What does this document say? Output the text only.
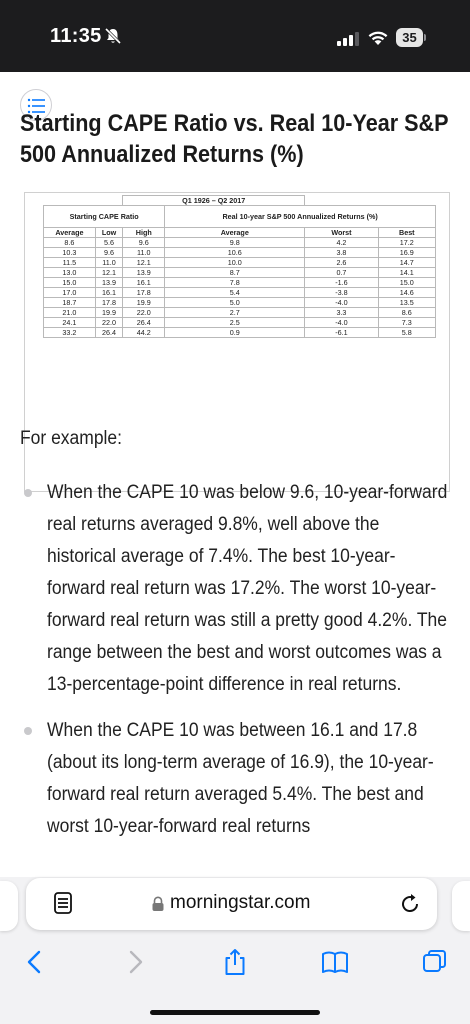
11:35	35
Starting CAPE Ratio vs. Real 10-Year S&P 500 Annualized Returns (%)
		Q1 1926 – Q2 2017			
Starting CAPE Ratio			Real 10-year S&P 500 Annualized Returns (%)		
Average	Low	High	Average	Worst	Best
8.6	5.6	9.6	9.8	4.2	17.2
10.3	9.6	11.0	10.6	3.8	16.9
11.5	11.0	12.1	10.0	2.6	14.7
13.0	12.1	13.9	8.7	0.7	14.1
15.0	13.9	16.1	7.8	-1.6	15.0
17.0	16.1	17.8	5.4	-3.8	14.6
18.7	17.8	19.9	5.0	-4.0	13.5
21.0	19.9	22.0	2.7	3.3	8.6
24.1	22.0	26.4	2.5	-4.0	7.3
33.2	26.4	44.2	0.9	-6.1	5.8
For example:

When the CAPE 10 was below 9.6, 10-year-forward real returns averaged 9.8%, well above the historical average of 7.4%. The best 10-year-forward real return was 17.2%. The worst 10-year-forward real return was still a pretty good 4.2%. The range between the best and worst outcomes was a 13-percentage-point difference in real returns.

When the CAPE 10 was between 16.1 and 17.8 (about its long-term average of 16.9), the 10-year-forward real return averaged 5.4%. The best and worst 10-year-forward real returns

morningstar.com
